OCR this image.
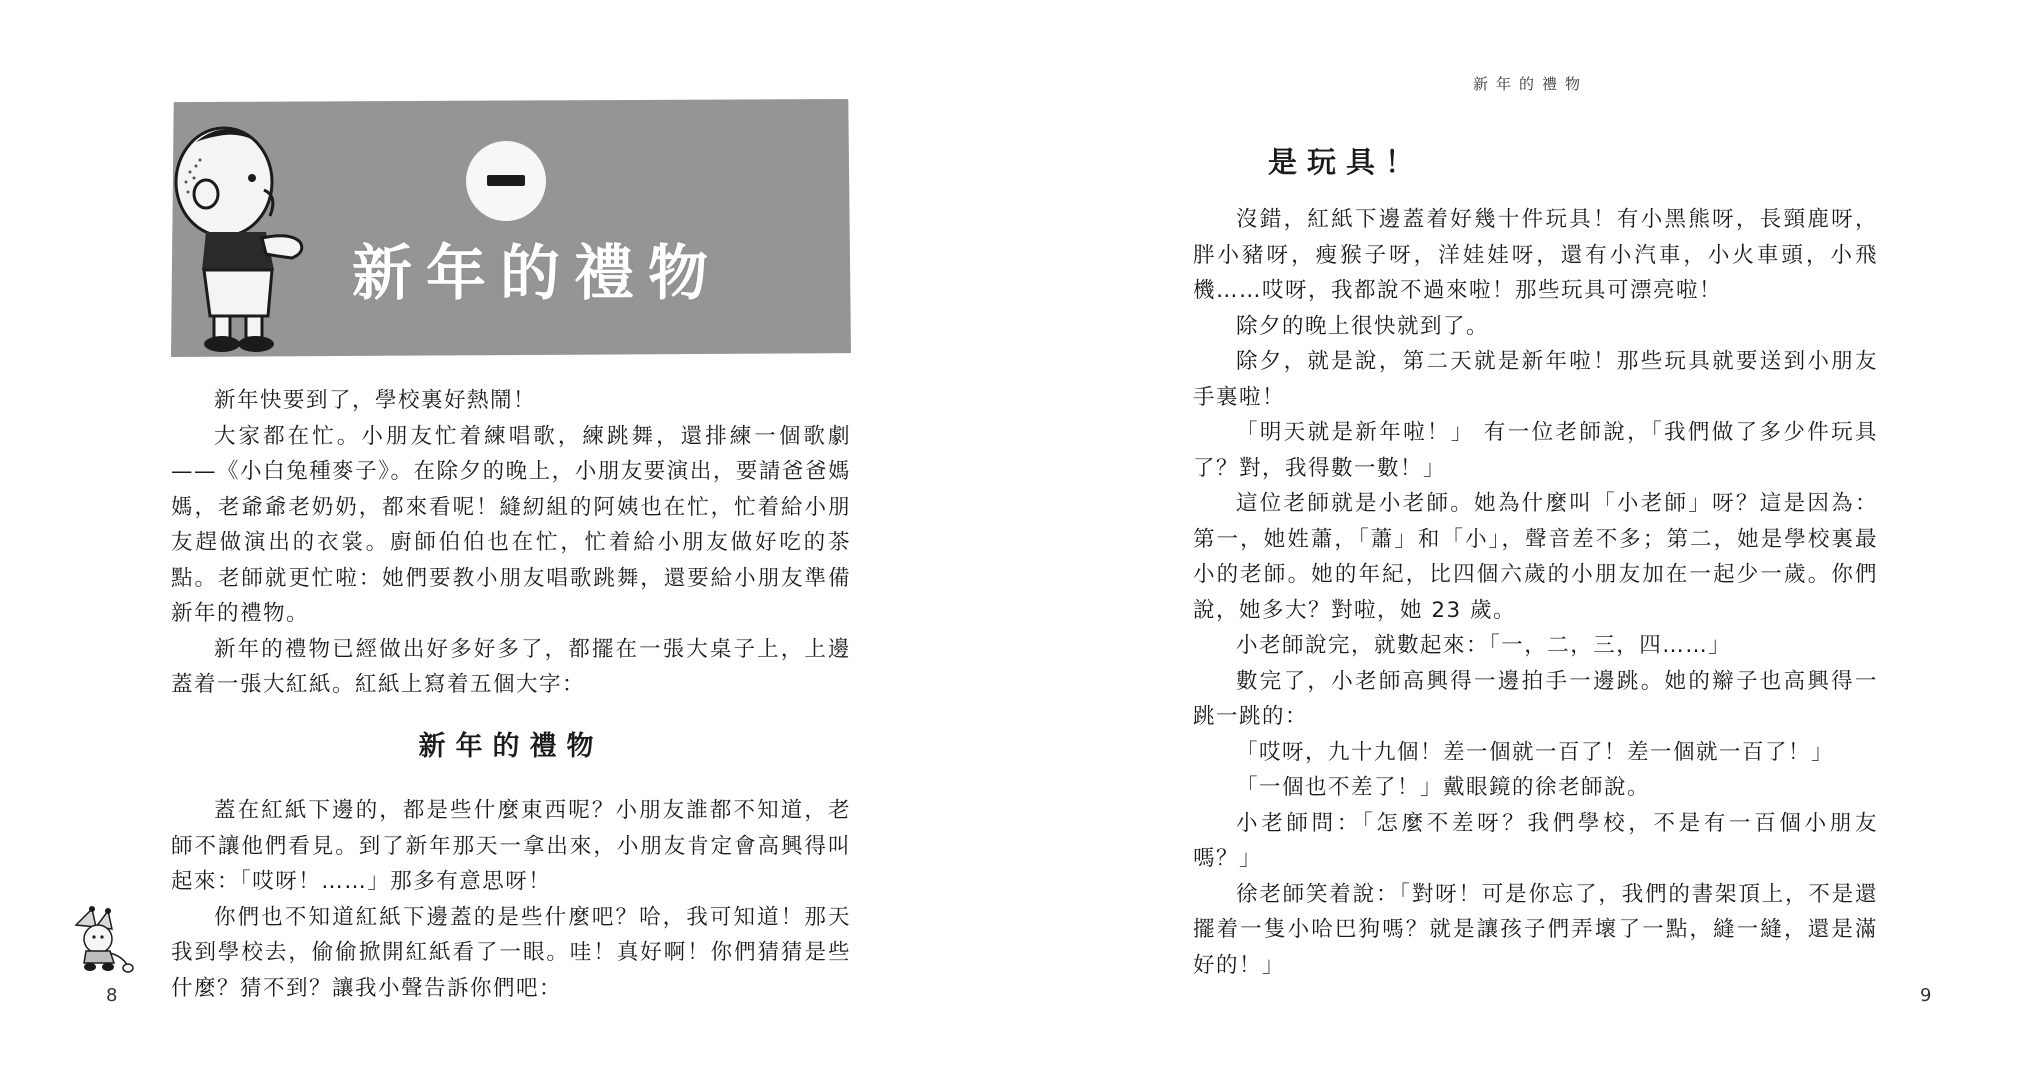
新年的禮物

新年快要到了，學校裏好熱鬧！

大家都在忙。小朋友忙着練唱歌，練跳舞，還排練一個歌劇——《小白兔種麥子》。在除夕的晚上，小朋友要演出，要請爸爸媽媽，老爺爺老奶奶，都來看呢！縫紉組的阿姨也在忙，忙着給小朋友趕做演出的衣裳。廚師伯伯也在忙，忙着給小朋友做好吃的茶點。老師就更忙啦：她們要教小朋友唱歌跳舞，還要給小朋友準備新年的禮物。

新年的禮物已經做出好多好多了，都擺在一張大桌子上，上邊蓋着一張大紅紙。紅紙上寫着五個大字：

新年的禮物

蓋在紅紙下邊的，都是些什麼東西呢？小朋友誰都不知道，老師不讓他們看見。到了新年那天一拿出來，小朋友肯定會高興得叫起來：「哎呀！……」那多有意思呀！

你們也不知道紅紙下邊蓋的是些什麼吧？哈，我可知道！那天我到學校去，偷偷掀開紅紙看了一眼。哇！真好啊！你們猜猜是些什麼？猜不到？讓我小聲告訴你們吧：

8
新年的禮物
是玩具！

沒錯，紅紙下邊蓋着好幾十件玩具！有小黑熊呀，長頸鹿呀，胖小豬呀，瘦猴子呀，洋娃娃呀，還有小汽車，小火車頭，小飛機……哎呀，我都說不過來啦！那些玩具可漂亮啦！

除夕的晚上很快就到了。

除夕，就是說，第二天就是新年啦！那些玩具就要送到小朋友手裏啦！

「明天就是新年啦！」 有一位老師說，「我們做了多少件玩具了？對，我得數一數！」

這位老師就是小老師。她為什麼叫「小老師」呀？這是因為：第一，她姓蕭，「蕭」和「小」，聲音差不多；第二，她是學校裏最小的老師。她的年紀，比四個六歲的小朋友加在一起少一歲。你們說，她多大？對啦，她 23 歲。

小老師說完，就數起來：「一，二，三，四……」

數完了，小老師高興得一邊拍手一邊跳。她的辮子也高興得一跳一跳的：

「哎呀，九十九個！差一個就一百了！差一個就一百了！」

「一個也不差了！」戴眼鏡的徐老師說。

小老師問：「怎麼不差呀？我們學校，不是有一百個小朋友嗎？」

徐老師笑着說：「對呀！可是你忘了，我們的書架頂上，不是還擺着一隻小哈巴狗嗎？就是讓孩子們弄壞了一點，縫一縫，還是滿好的！」

9
